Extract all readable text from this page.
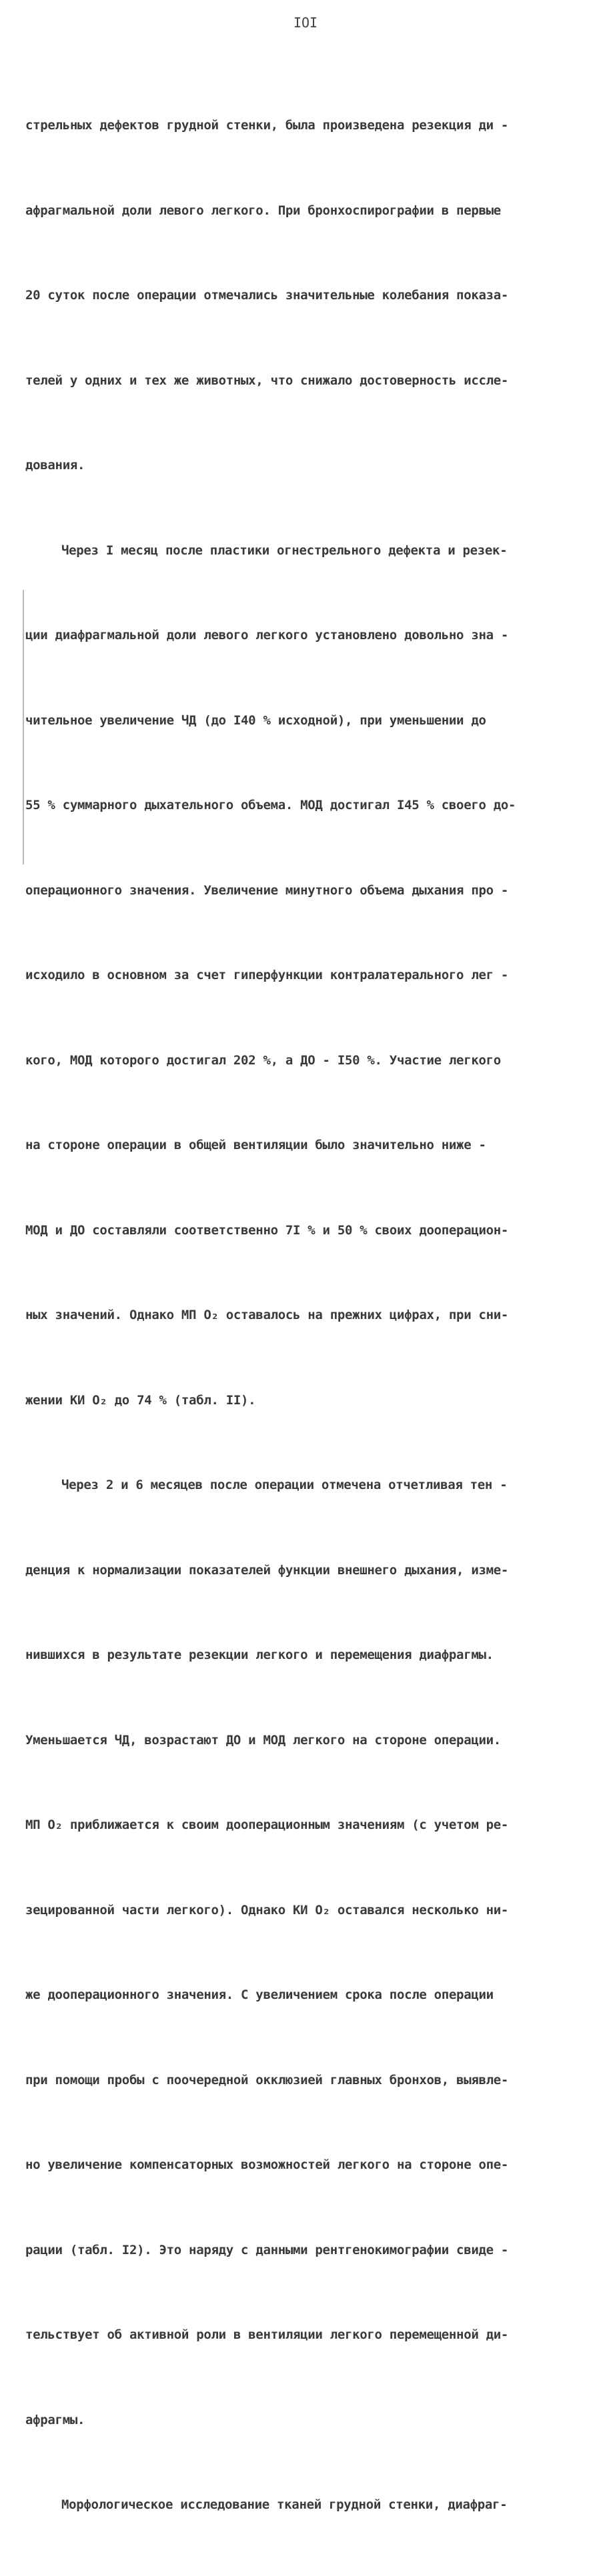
IOI

стрельных дефектов грудной стенки, была произведена резекция ди -

афрагмальной доли левого легкого. При бронхоспирографии в первые

20 суток после операции отмечались значительные колебания показа-

телей у одних и тех же животных, что снижало достоверность иссле-

дования.

Через I месяц после пластики огнестрельного дефекта и резек-

ции диафрагмальной доли левого легкого установлено довольно зна -

чительное увеличение ЧД (до I40 % исходной), при уменьшении до

55 % суммарного дыхательного объема. МОД достигал I45 % своего до-

операционного значения. Увеличение минутного объема дыхания про -

исходило в основном за счет гиперфункции контралатерального лег -

кого, МОД которого достигал 202 %, а ДО - I50 %. Участие легкого

на стороне операции в общей вентиляции было значительно ниже -

МОД и ДО составляли соответственно 7I % и 50 % своих дооперацион-

ных значений. Однако МП O₂ оставалось на прежних цифрах, при сни-

жении КИ O₂ до 74 % (табл. II).

Через 2 и 6 месяцев после операции отмечена отчетливая тен -

денция к нормализации показателей функции внешнего дыхания, изме-

нившихся в результате резекции легкого и перемещения диафрагмы.

Уменьшается ЧД, возрастают ДО и МОД легкого на стороне операции.

МП O₂ приближается к своим дооперационным значениям (с учетом ре-

зецированной части легкого). Однако КИ O₂ оставался несколько ни-

же дооперационного значения. С увеличением срока после операции

при помощи пробы с поочередной окклюзией главных бронхов, выявле-

но увеличение компенсаторных возможностей легкого на стороне опе-

рации (табл. I2). Это наряду с данными рентгенокимографии свиде -

тельствует об активной роли в вентиляции легкого перемещенной ди-

афрагмы.

Морфологическое исследование тканей грудной стенки, диафраг-
